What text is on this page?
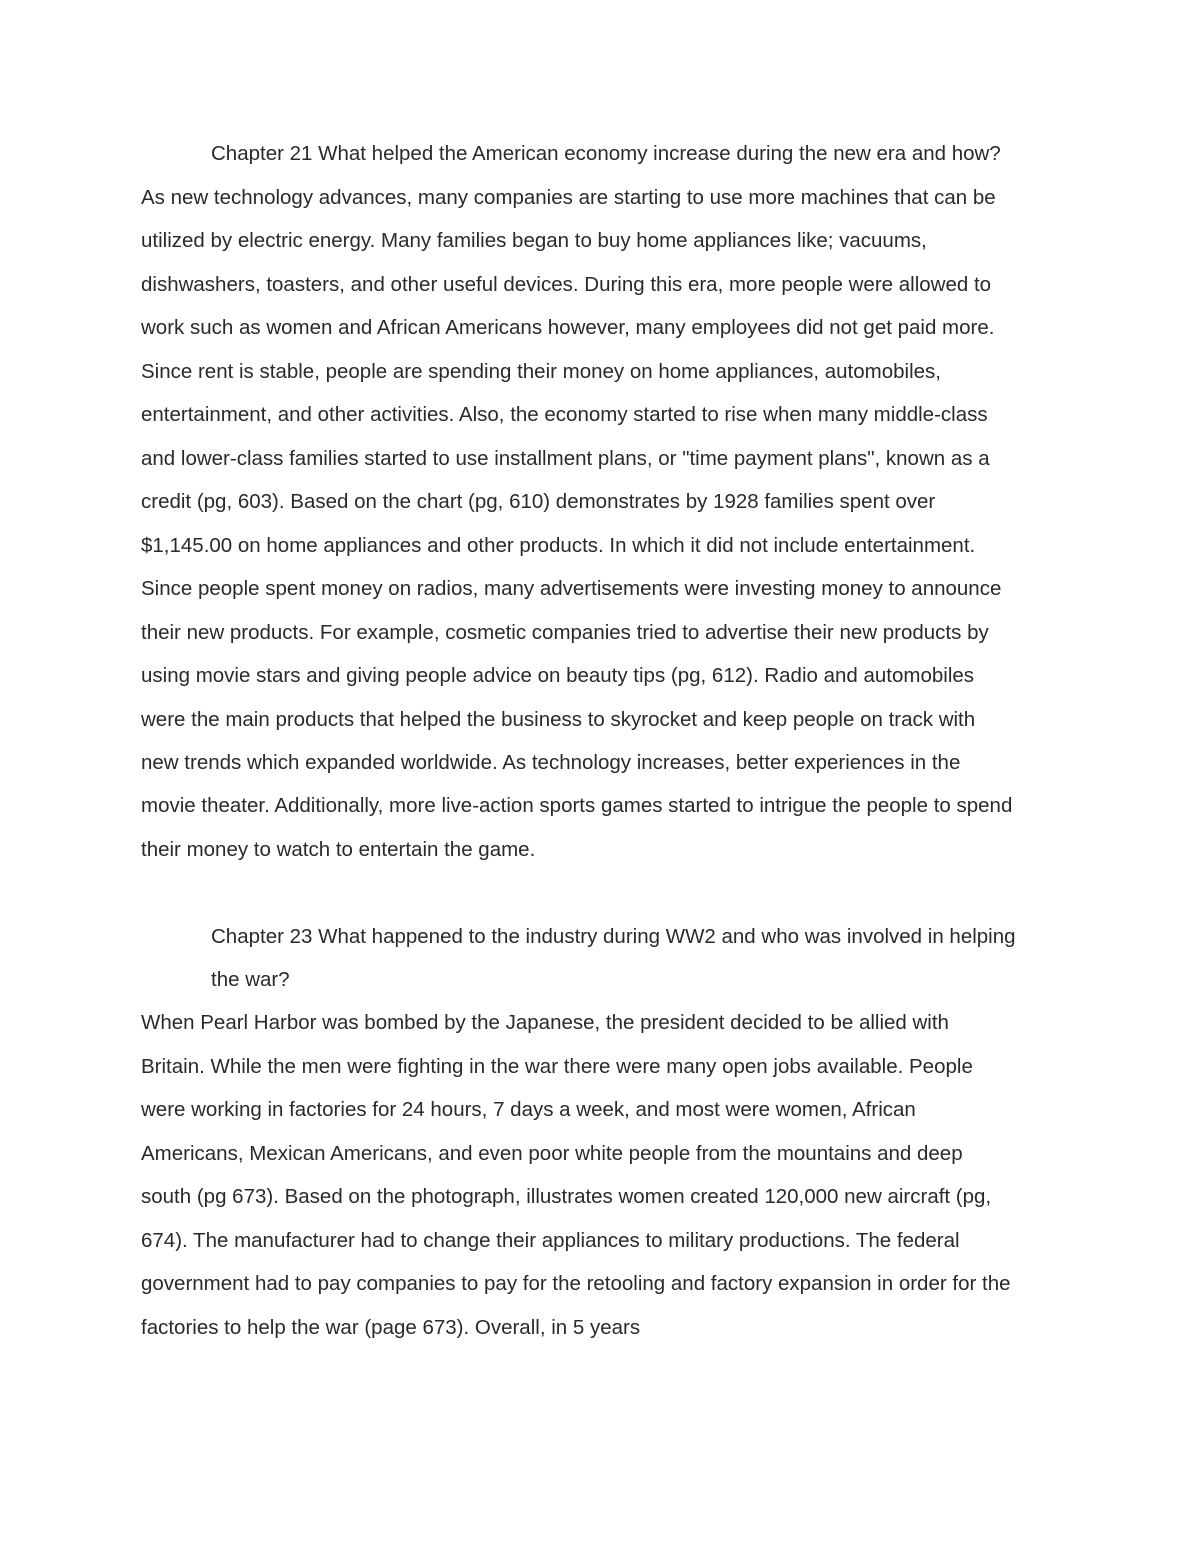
Chapter 21 What helped the American economy increase during the new era and how?

As new technology advances, many companies are starting to use more machines that can be

utilized by electric energy. Many families began to buy home appliances like; vacuums,

dishwashers, toasters, and other useful devices. During this era, more people were allowed to

work such as women and African Americans however, many employees did not get paid more.

Since rent is stable, people are spending their money on home appliances, automobiles,

entertainment, and other activities. Also, the economy started to rise when many middle-class

and lower-class families started to use installment plans, or "time payment plans", known as a

credit (pg, 603). Based on the chart (pg, 610) demonstrates by 1928 families spent over

$1,145.00 on home appliances and other products. In which it did not include entertainment.

Since people spent money on radios, many advertisements were investing money to announce

their new products. For example, cosmetic companies tried to advertise their new products by

using movie stars and giving people advice on beauty tips (pg, 612). Radio and automobiles

were the main products that helped the business to skyrocket and keep people on track with

new trends which expanded worldwide. As technology increases, better experiences in the

movie theater. Additionally, more live-action sports games started to intrigue the people to spend

their money to watch to entertain the game.

Chapter 23 What happened to the industry during WW2 and who was involved in helping

the war?

When Pearl Harbor was bombed by the Japanese, the president decided to be allied with

Britain. While the men were fighting in the war there were many open jobs available. People

were working in factories for 24 hours, 7 days a week, and most were women, African

Americans, Mexican Americans, and even poor white people from the mountains and deep

south (pg 673). Based on the photograph, illustrates women created 120,000 new aircraft (pg,

674). The manufacturer had to change their appliances to military productions. The federal

government had to pay companies to pay for the retooling and factory expansion in order for the

factories to help the war (page 673). Overall, in 5 years
